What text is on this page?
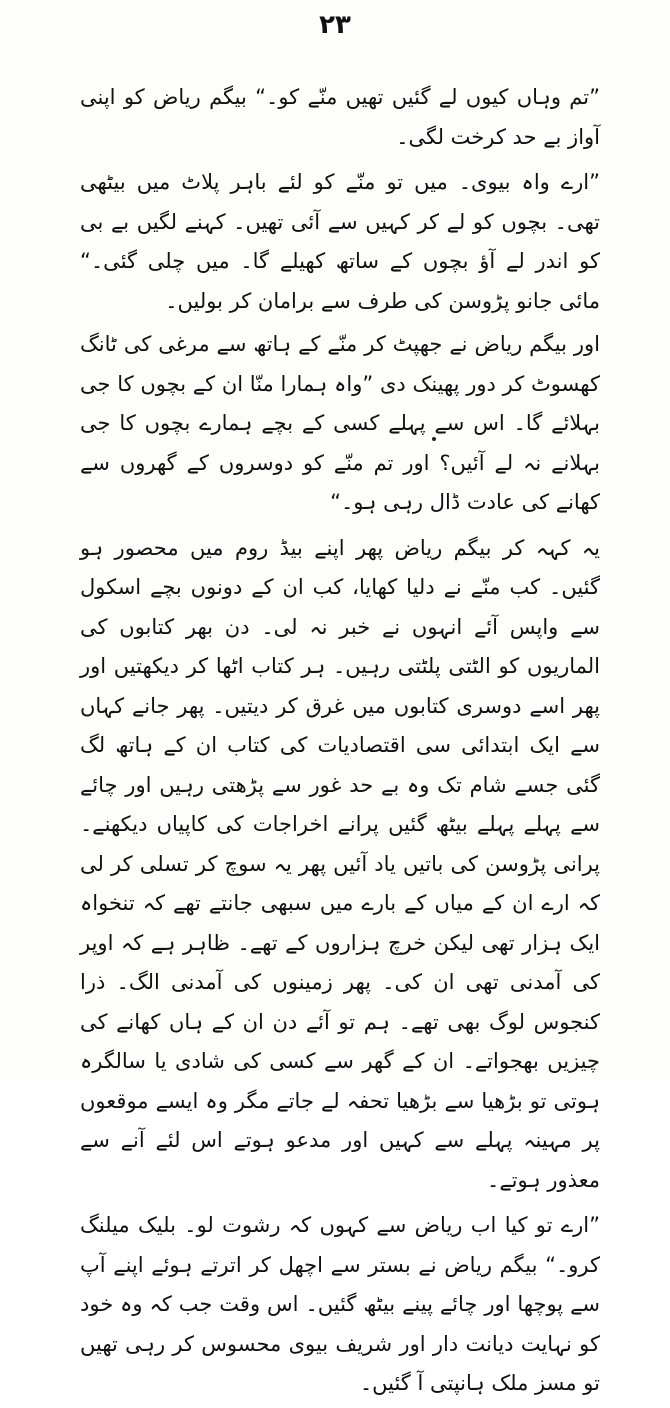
۲۳

”تم وہاں کیوں لے گئیں تھیں منّے کو۔“ بیگم ریاض کو اپنی آواز بے حد کرخت لگی۔

”ارے واہ بیوی۔ میں تو منّے کو لئے باہر پلاٹ میں بیٹھی تھی۔ بچوں کو لے کر کہیں سے آئی تھیں۔ کہنے لگیں بے بی کو اندر لے آؤ بچوں کے ساتھ کھیلے گا۔ میں چلی گئی۔“ مائی جانو پڑوسن کی طرف سے برامان کر بولیں۔

اور بیگم ریاض نے جھپٹ کر منّے کے ہاتھ سے مرغی کی ٹانگ کھسوٹ کر دور پھینک دی ”واہ ہمارا منّا ان کے بچوں کا جی بہلائے گا۔ اس سے پہلے کسی کے بچے ہمارے بچوں کا جی بہلانے نہ لے آئیں؟ اور تم منّے کو دوسروں کے گھروں سے کھانے کی عادت ڈال رہی ہو۔“

یہ کہہ کر بیگم ریاض پھر اپنے بیڈ روم میں محصور ہو گئیں۔ کب منّے نے دلیا کھایا، کب ان کے دونوں بچے اسکول سے واپس آئے انہوں نے خبر نہ لی۔ دن بھر کتابوں کی الماریوں کو الٹتی پلٹتی رہیں۔ ہر کتاب اٹھا کر دیکھتیں اور پھر اسے دوسری کتابوں میں غرق کر دیتیں۔ پھر جانے کہاں سے ایک ابتدائی سی اقتصادیات کی کتاب ان کے ہاتھ لگ گئی جسے شام تک وہ بے حد غور سے پڑھتی رہیں اور چائے سے پہلے پہلے بیٹھ گئیں پرانے اخراجات کی کاپیاں دیکھنے۔ پرانی پڑوسن کی باتیں یاد آئیں پھر یہ سوچ کر تسلی کر لی کہ ارے ان کے میاں کے بارے میں سبھی جانتے تھے کہ تنخواہ ایک ہزار تھی لیکن خرچ ہزاروں کے تھے۔ ظاہر ہے کہ اوپر کی آمدنی تھی ان کی۔ پھر زمینوں کی آمدنی الگ۔ ذرا کنجوس لوگ بھی تھے۔ ہم تو آئے دن ان کے ہاں کھانے کی چیزیں بھجواتے۔ ان کے گھر سے کسی کی شادی یا سالگرہ ہوتی تو بڑھیا سے بڑھیا تحفہ لے جاتے مگر وہ ایسے موقعوں پر مہینہ پہلے سے کہیں اور مدعو ہوتے اس لئے آنے سے معذور ہوتے۔

”ارے تو کیا اب ریاض سے کہوں کہ رشوت لو۔ بلیک میلنگ کرو۔“ بیگم ریاض نے بستر سے اچھل کر اترتے ہوئے اپنے آپ سے پوچھا اور چائے پینے بیٹھ گئیں۔ اس وقت جب کہ وہ خود کو نہایت دیانت دار اور شریف بیوی محسوس کر رہی تھیں تو مسز ملک ہانپتی آ گئیں۔
